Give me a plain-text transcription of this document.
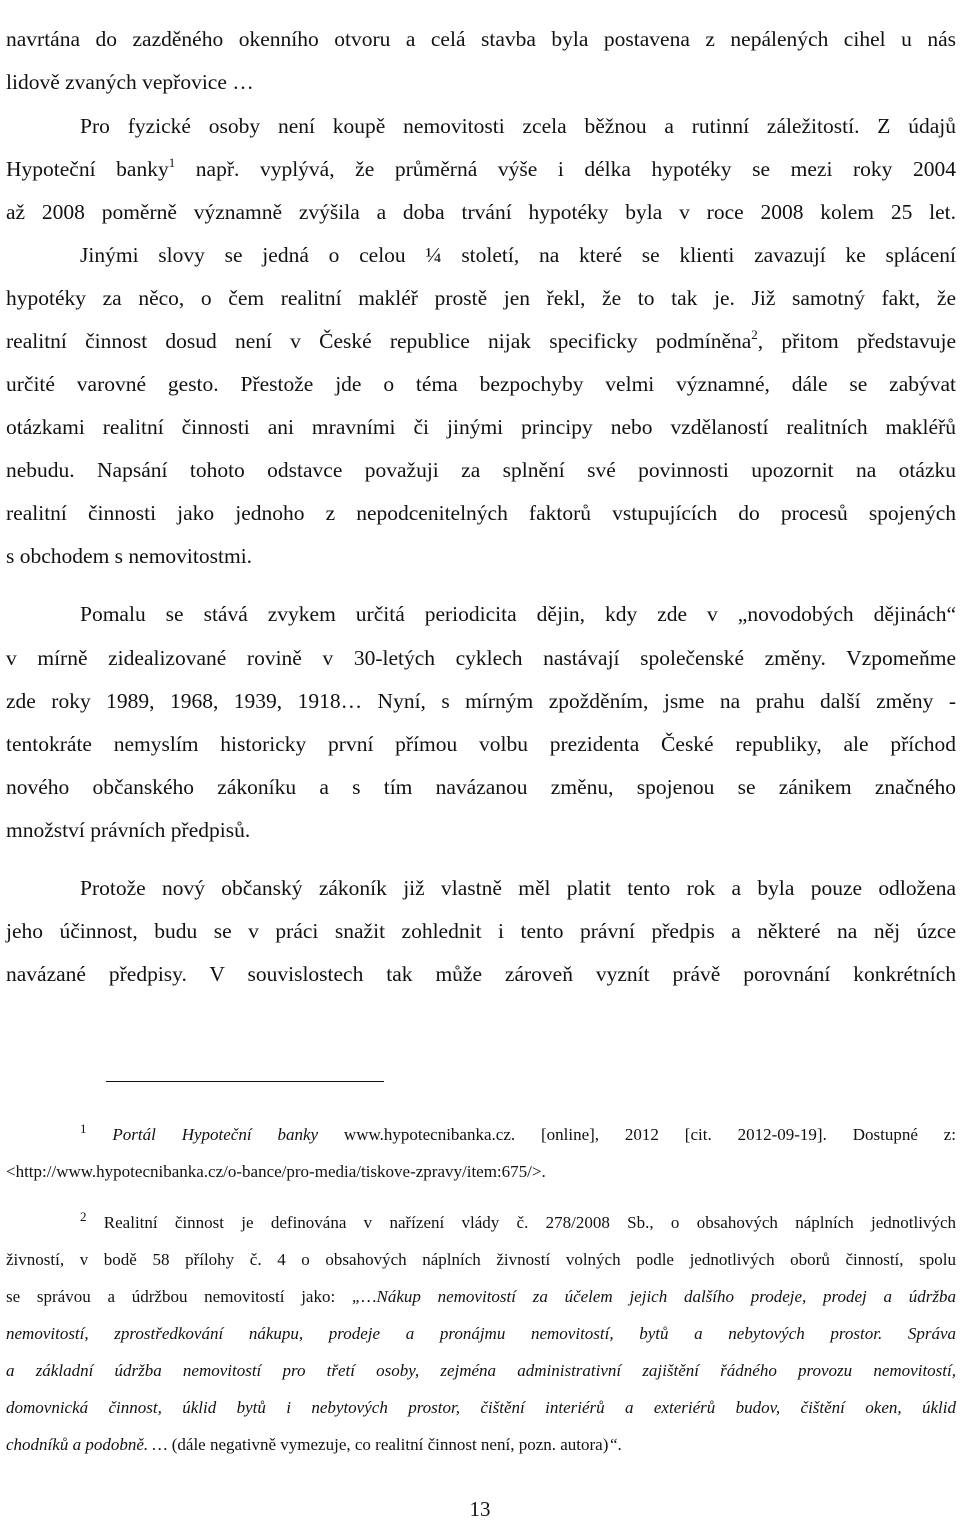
navrtána do zazděného okenního otvoru a celá stavba byla postavena z nepálených cihel u nás
lidově zvaných vepřovice …
Pro fyzické osoby není koupě nemovitosti zcela běžnou a rutinní záležitostí. Z údajů
Hypoteční banky$^1$ např. vyplývá, že průměrná výše i délka hypotéky se mezi roky 2004
až 2008 poměrně významně zvýšila a doba trvání hypotéky byla v roce 2008 kolem 25 let.
Jinými slovy se jedná o celou ¼ století, na které se klienti zavazují ke splácení
hypotéky za něco, o čem realitní makléř prostě jen řekl, že to tak je. Již samotný fakt, že
realitní činnost dosud není v České republice nijak specificky podmíněna$^2$, přitom představuje
určité varovné gesto. Přestože jde o téma bezpochyby velmi významné, dále se zabývat
otázkami realitní činnosti ani mravními či jinými principy nebo vzdělaností realitních makléřů
nebudu. Napsání tohoto odstavce považuji za splnění své povinnosti upozornit na otázku
realitní činnosti jako jednoho z nepodcenitelných faktorů vstupujících do procesů spojených
s obchodem s nemovitostmi.
Pomalu se stává zvykem určitá periodicita dějin, kdy zde v „novodobých dějinách“
v mírně zidealizované rovině v 30-letých cyklech nastávají společenské změny. Vzpomeňme
zde roky 1989, 1968, 1939, 1918… Nyní, s mírným zpožděním, jsme na prahu další změny -
tentokráte nemyslím historicky první přímou volbu prezidenta České republiky, ale příchod
nového občanského zákoníku a s tím navázanou změnu, spojenou se zánikem značného
množství právních předpisů.
Protože nový občanský zákoník již vlastně měl platit tento rok a byla pouze odložena
jeho účinnost, budu se v práci snažit zohlednit i tento právní předpis a některé na něj úzce
navázané předpisy. V souvislostech tak může zároveň vyznít právě porovnání konkrétních
$^1$ Portál Hypoteční banky www.hypotecnibanka.cz. [online], 2012 [cit. 2012-09-19]. Dostupné z:
<http://www.hypotecnibanka.cz/o-bance/pro-media/tiskove-zpravy/item:675/>.
$^2$ Realitní činnost je definována v nařízení vlády č. 278/2008 Sb., o obsahových náplních jednotlivých
živností, v bodě 58 přílohy č. 4 o obsahových náplních živností volných podle jednotlivých oborů činností, spolu
se správou a údržbou nemovitostí jako: „…Nákup nemovitostí za účelem jejich dalšího prodeje, prodej a údržba
nemovitostí, zprostředkování nákupu, prodeje a pronájmu nemovitostí, bytů a nebytových prostor. Správa
a základní údržba nemovitostí pro třetí osoby, zejména administrativní zajištění řádného provozu nemovitostí,
domovnická činnost, úklid bytů i nebytových prostor, čištění interiérů a exteriérů budov, čištění oken, úklid
chodníků a podobně. … (dále negativně vymezuje, co realitní činnost není, pozn. autora)“.
13
